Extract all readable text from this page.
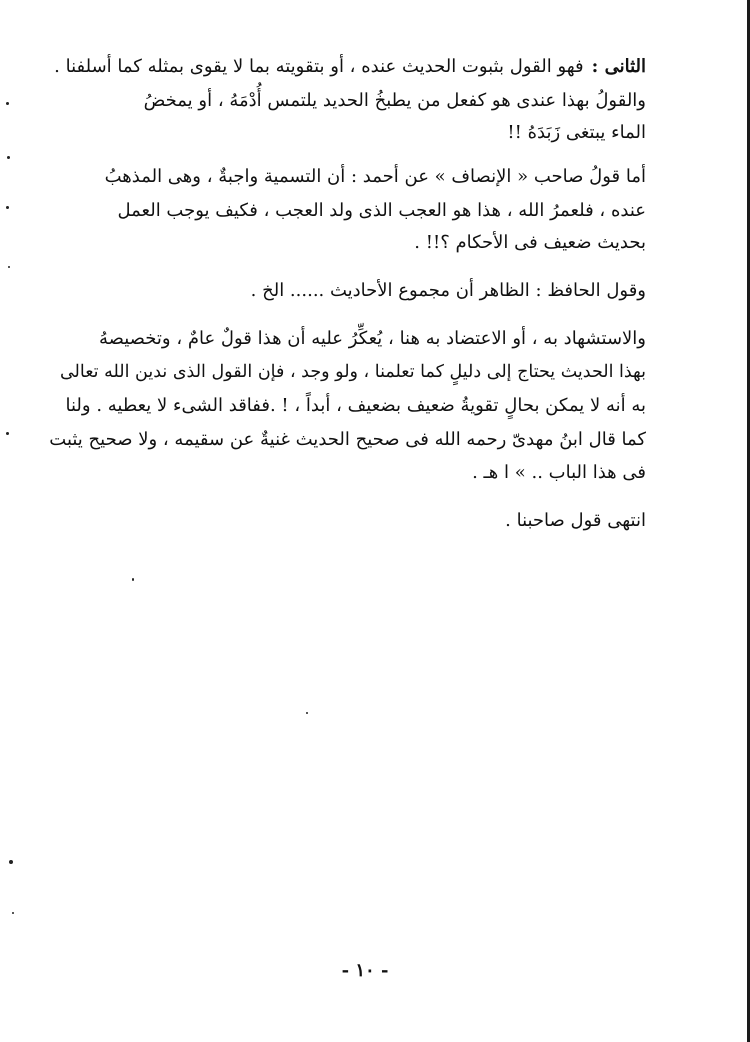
الثانى :فهو القول بثبوت الحديث عنده ، أو بتقويته بما لا يقوى بمثله كما أسلفنا .
والقولُ بهذا عندى هو كفعل من يطبخُ الحديد يلتمس أُدْمَهُ ، أو يمخضُ
الماء يبتغى زَبَدَهُ !!
أما قولُ صاحب « الإنصاف » عن أحمد : أن التسمية واجبةٌ ، وهى المذهبُ
عنده ، فلعمرُ الله ، هذا هو العجب الذى ولد العجب ، فكيف يوجب العمل
بحديث ضعيف فى الأحكام ؟!! .
وقول الحافظ : الظاهر أن مجموع الأحاديث ...... الخ .
والاستشهاد به ، أو الاعتضاد به هنا ، يُعكِّرُ عليه أن هذا قولٌ عامٌ ، وتخصيصهُ
بهذا الحديث يحتاج إلى دليلٍ كما تعلمنا ، ولو وجد ، فإن القول الذى ندين الله تعالى
به أنه لا يمكن بحالٍ تقويةُ ضعيف بضعيف ، أبداً ، ! .ففاقد الشىء لا يعطيه . ولنا
كما قال ابنُ مهدىّ رحمه الله فى صحيح الحديث غنيةٌ عن سقيمه ، ولا صحيح يثبت
فى هذا الباب .. » ا هـ .
انتهى قول صاحبنا .
- ١٠ -
